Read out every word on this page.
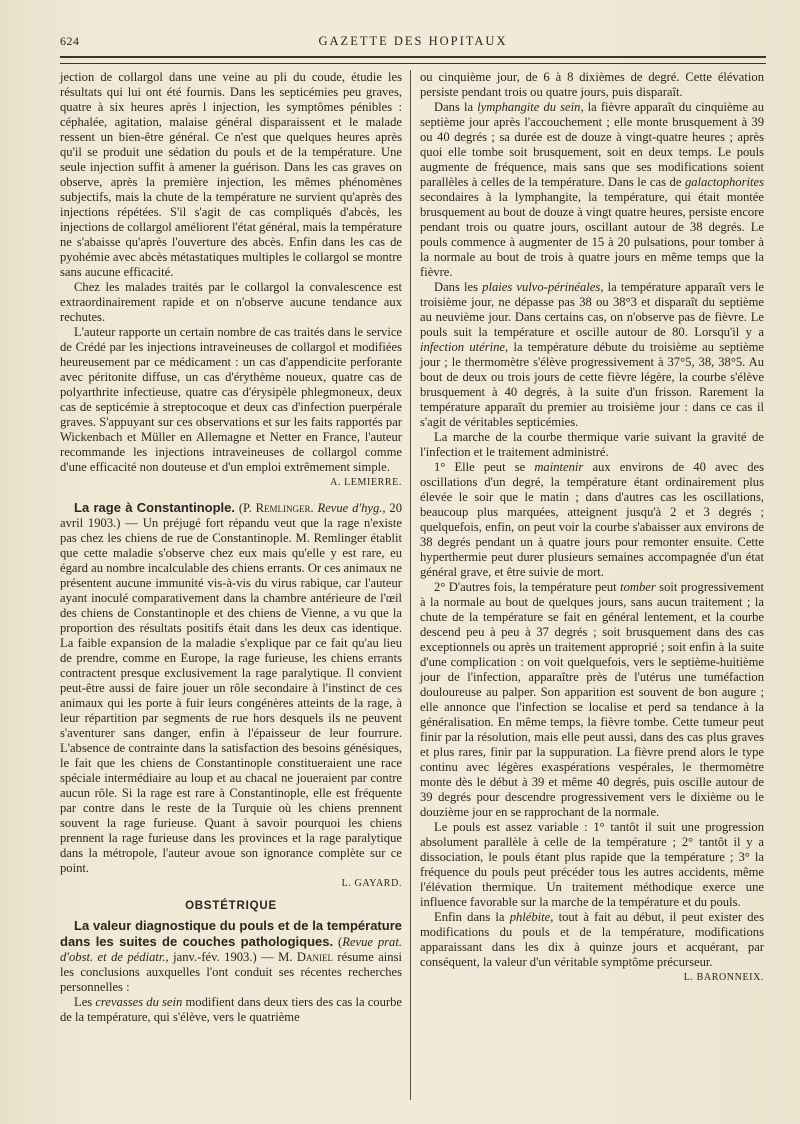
624	GAZETTE DES HOPITAUX

jection de collargol dans une veine au pli du coude, étudie les résultats qui lui ont été fournis. Dans les septicémies peu graves, quatre à six heures après l injection, les symptômes pénibles : céphalée, agitation, malaise général disparaissent et le malade ressent un bien-être général. Ce n'est que quelques heures après qu'il se produit une sédation du pouls et de la température. Une seule injection suffit à amener la guérison. Dans les cas graves on observe, après la première injection, les mêmes phénomènes subjectifs, mais la chute de la température ne survient qu'après des injections répétées. S'il s'agit de cas compliqués d'abcès, les injections de collargol améliorent l'état général, mais la température ne s'abaisse qu'après l'ouverture des abcès. Enfin dans les cas de pyohémie avec abcès métastatiques multiples le collargol se montre sans aucune efficacité.

Chez les malades traités par le collargol la convalescence est extraordinairement rapide et on n'observe aucune tendance aux rechutes.

L'auteur rapporte un certain nombre de cas traités dans le service de Crédé par les injections intraveineuses de collargol et modifiées heureusement par ce médicament : un cas d'appendicite perforante avec péritonite diffuse, un cas d'érythème noueux, quatre cas de polyarthrite infectieuse, quatre cas d'érysipèle phlegmoneux, deux cas de septicémie à streptocoque et deux cas d'infection puerpérale graves. S'appuyant sur ces observations et sur les faits rapportés par Wickenbach et Müller en Allemagne et Netter en France, l'auteur recommande les injections intraveineuses de collargol comme d'une efficacité non douteuse et d'un emploi extrêmement simple.

A. LEMIERRE.

La rage à Constantinople. (P. Remlinger. Revue d'hyg., 20 avril 1903.) — Un préjugé fort répandu veut que la rage n'existe pas chez les chiens de rue de Constantinople. M. Remlinger établit que cette maladie s'observe chez eux mais qu'elle y est rare, eu égard au nombre incalculable des chiens errants. Or ces animaux ne présentent aucune immunité vis-à-vis du virus rabique, car l'auteur ayant inoculé comparativement dans la chambre antérieure de l'œil des chiens de Constantinople et des chiens de Vienne, a vu que la proportion des résultats positifs était dans les deux cas identique. La faible expansion de la maladie s'explique par ce fait qu'au lieu de prendre, comme en Europe, la rage furieuse, les chiens errants contractent presque exclusivement la rage paralytique. Il convient peut-être aussi de faire jouer un rôle secondaire à l'instinct de ces animaux qui les porte à fuir leurs congénères atteints de la rage, à leur répartition par segments de rue hors desquels ils ne peuvent s'aventurer sans danger, enfin à l'épaisseur de leur fourrure. L'absence de contrainte dans la satisfaction des besoins génésiques, le fait que les chiens de Constantinople constitueraient une race spéciale intermédiaire au loup et au chacal ne joueraient par contre aucun rôle. Si la rage est rare à Constantinople, elle est fréquente par contre dans le reste de la Turquie où les chiens prennent souvent la rage furieuse. Quant à savoir pourquoi les chiens prennent la rage furieuse dans les provinces et la rage paralytique dans la métropole, l'auteur avoue son ignorance complète sur ce point.

L. GAYARD.
OBSTÉTRIQUE

La valeur diagnostique du pouls et de la température dans les suites de couches pathologiques. (Revue prat. d'obst. et de pédiatr., janv.-fév. 1903.) — M. Daniel résume ainsi les conclusions auxquelles l'ont conduit ses récentes recherches personnelles :

Les crevasses du sein modifient dans deux tiers des cas la courbe de la température, qui s'élève, vers le quatrième

ou cinquième jour, de 6 à 8 dixièmes de degré. Cette élévation persiste pendant trois ou quatre jours, puis disparaît.

Dans la lymphangite du sein, la fièvre apparaît du cinquième au septième jour après l'accouchement ; elle monte brusquement à 39 ou 40 degrés ; sa durée est de douze à vingt-quatre heures ; après quoi elle tombe soit brusquement, soit en deux temps. Le pouls augmente de fréquence, mais sans que ses modifications soient parallèles à celles de la température. Dans le cas de galactophorites secondaires à la lymphangite, la température, qui était montée brusquement au bout de douze à vingt quatre heures, persiste encore pendant trois ou quatre jours, oscillant autour de 38 degrés. Le pouls commence à augmenter de 15 à 20 pulsations, pour tomber à la normale au bout de trois à quatre jours en même temps que la fièvre.

Dans les plaies vulvo-périnéales, la température apparaît vers le troisième jour, ne dépasse pas 38 ou 38°3 et disparaît du septième au neuvième jour. Dans certains cas, on n'observe pas de fièvre. Le pouls suit la température et oscille autour de 80. Lorsqu'il y a infection utérine, la température débute du troisième au septième jour ; le thermomètre s'élève progressivement à 37°5, 38, 38°5. Au bout de deux ou trois jours de cette fièvre légère, la courbe s'élève brusquement à 40 degrés, à la suite d'un frisson. Rarement la température apparaît du premier au troisième jour : dans ce cas il s'agit de véritables septicémies.

La marche de la courbe thermique varie suivant la gravité de l'infection et le traitement administré.

1° Elle peut se maintenir aux environs de 40 avec des oscillations d'un degré, la température étant ordinairement plus élevée le soir que le matin ; dans d'autres cas les oscillations, beaucoup plus marquées, atteignent jusqu'à 2 et 3 degrés ; quelquefois, enfin, on peut voir la courbe s'abaisser aux environs de 38 degrés pendant un à quatre jours pour remonter ensuite. Cette hyperthermie peut durer plusieurs semaines accompagnée d'un état général grave, et être suivie de mort.

2° D'autres fois, la température peut tomber soit progressivement à la normale au bout de quelques jours, sans aucun traitement ; la chute de la température se fait en général lentement, et la courbe descend peu à peu à 37 degrés ; soit brusquement dans des cas exceptionnels ou après un traitement approprié ; soit enfin à la suite d'une complication : on voit quelquefois, vers le septième-huitième jour de l'infection, apparaître près de l'utérus une tuméfaction douloureuse au palper. Son apparition est souvent de bon augure ; elle annonce que l'infection se localise et perd sa tendance à la généralisation. En même temps, la fièvre tombe. Cette tumeur peut finir par la résolution, mais elle peut aussi, dans des cas plus graves et plus rares, finir par la suppuration. La fièvre prend alors le type continu avec légères exaspérations vespérales, le thermomètre monte dès le début à 39 et même 40 degrés, puis oscille autour de 39 degrés pour descendre progressivement vers le dixième ou le douzième jour en se rapprochant de la normale.

Le pouls est assez variable : 1° tantôt il suit une progression absolument parallèle à celle de la température ; 2° tantôt il y a dissociation, le pouls étant plus rapide que la température ; 3° la fréquence du pouls peut précéder tous les autres accidents, même l'élévation thermique. Un traitement méthodique exerce une influence favorable sur la marche de la température et du pouls.

Enfin dans la phlébite, tout à fait au début, il peut exister des modifications du pouls et de la température, modifications apparaissant dans les dix à quinze jours et acquérant, par conséquent, la valeur d'un véritable symptôme précurseur.

L. BARONNEIX.
